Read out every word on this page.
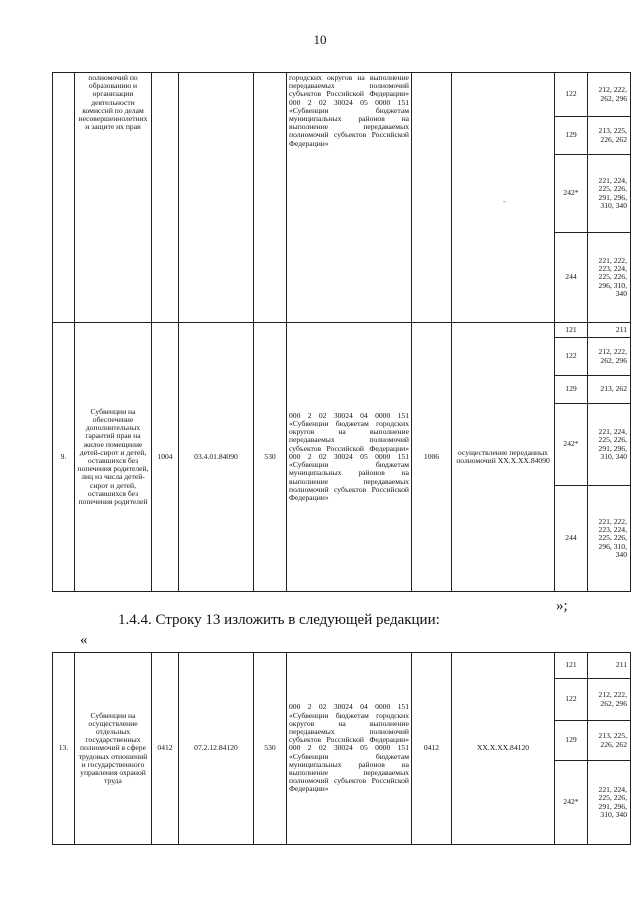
10
	полномочий по образованию и организации деятельности комиссий по делам несовершеннолетних и защите их прав				городских округов на выполнение передаваемых полномочий субъектов Российской Федерации» 000 2 02 30024 05 0000 151 «Субвенции бюджетам муниципальных районов на выполнение передаваемых полномочий субъектов Российской Федерации»		-	122	212, 222, 262, 296
								129	213, 225, 226, 262
								242*	221, 224, 225, 226, 291, 296, 310, 340
								244	221, 222, 223, 224, 225, 226, 296, 310, 340
9.	Субвенции на обеспечение дополнительных гарантий прав на жилое помещение детей-сирот и детей, оставшихся без попечения родителей, лиц из числа детей-сирот и детей, оставшихся без попечения родителей	1004	03.4.01.84090	530	000 2 02 30024 04 0000 151 «Субвенции бюджетам городских округов на выполнение передаваемых полномочий субъектов Российской Федерации» 000 2 02 30024 05 0000 151 «Субвенции бюджетам муниципальных районов на выполнение передаваемых полномочий субъектов Российской Федерации»	1006	осуществление переданных полномочий XX.X.XX.84090	121	211
								122	212, 222, 262, 296
								129	213, 262
								242*	221, 224, 225, 226, 291, 296, 310, 340
								244	221, 222, 223, 224, 225, 226, 296, 310, 340
»;
1.4.4. Строку 13 изложить в следующей редакции:
«
13.	Субвенции на осуществление отдельных государственных полномочий в сфере трудовых отношений и государственного управления охраной труда	0412	07.2.12.84120	530	000 2 02 30024 04 0000 151 «Субвенции бюджетам городских округов на выполнение передаваемых полномочий субъектов Российской Федерации» 000 2 02 30024 05 0000 151 «Субвенции бюджетам муниципальных районов на выполнение передаваемых полномочий субъектов Российской Федерации»	0412	XX.X.XX.84120	121	211
								122	212, 222, 262, 296
								129	213, 225, 226, 262
								242*	221, 224, 225, 226, 291, 296, 310, 340
